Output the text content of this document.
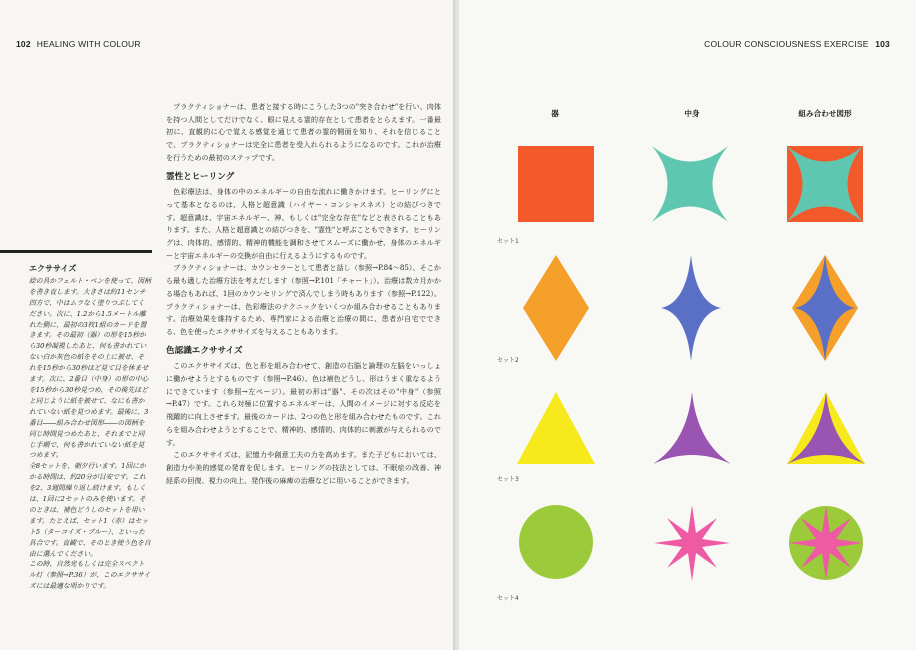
102 HEALING WITH COLOUR
エクササイズ

絵の具かフェルト・ペンを使って、図柄を書き直します。大きさは約11センチ四方で、中はムラなく塗りつぶしてください。次に、1.2から1.5メートル離れた側に、最初の3枚1組のカードを置きます。その最初（器）の形を15秒から30秒凝視したあと、何も書かれていない白か灰色の紙をその上に被せ、それを15秒から30秒ほど見て目を休ませます。次に、2番目（中身）の形の中心を15秒から30秒見つめ、その後先ほどと同じように紙を被せて、なにも書かれていない紙を見つめます。最後に、3番目――組み合わせ図形――の図柄を同じ時間見つめたあと、それまでと同じ手順で、何も書かれていない紙を見つめます。

全8セットを、朝夕行います。1回にかかる時間は、約20分が目安です。これを2、3週間繰り返し続けます。もしくは、1回に2セットのみを使います。そのときは、補色どうしのセットを用います。たとえば、セット1（赤）はセット5（ターコイズ・ブルー）、といった具合です。直観で、そのとき使う色を自由に選んでください。

この時、自然光もしくは完全スペクトル灯（参照→P.36）が、このエクササイズには最適な明かりです。

プラクティショナーは、患者と接する時にこうした3つの"突き合わせ"を行い、肉体を持つ人間としてだけでなく、眼に見える霊的存在として患者をとらえます。一番最初に、直観的に心で覚える感覚を通じて患者の霊的側面を知り、それを信じることで、プラクティショナーは完全に患者を受入れられるようになるのです。これが治療を行うための最初のステップです。

霊性とヒーリング

色彩療法は、身体の中のエネルギーの自由な流れに働きかけます。ヒーリングにとって基本となるのは、人格と超意識（ハイヤー・コンシャスネス）との結びつきです。超意識は、宇宙エネルギー、神、もしくは"完全な存在"などと表されることもあります。また、人格と超意識との結びつきを、"霊性"と呼ぶこともできます。ヒーリングは、肉体的、感情的、精神的機能を調和させてスムーズに働かせ、身体のエネルギーと宇宙エネルギーの交換が自由に行えるようにするものです。

プラクティショナーは、カウンセラーとして患者と話し（参照→P.84～85）、そこから最も適した治療方法を考えだします（参照→P.101「チャート」）。治療は数カ月かかる場合もあれば、1回のカウンセリングで済んでしまう時もあります（参照→P.122）。プラクティショナーは、色彩療法のテクニックをいくつか組み合わせることもあります。治療効果を維持するため、専門家による治療と治療の間に、患者が自宅でできる、色を使ったエクササイズを与えることもあります。

色認識エクササイズ

このエクササイズは、色と形を組み合わせて、創造の右脳と論理の左脳をいっしょに働かせようとするものです（参照→P.46）。色は補色どうし、形はうまく重なるようにできています（参照→左ページ）。最初の形は"器"、その次はその"中身"（参照→P.47）です。これら対極に位置するエネルギーは、人間のイメージに対する反応を飛躍的に向上させます。最後のカードは、2つの色と形を組み合わせたものです。これらを組み合わせようとすることで、精神的、感情的、肉体的に刺激が与えられるのです。

このエクササイズは、記憶力や創意工夫の力を高めます。また子どもにおいては、創造力や美的感覚の発育を促します。ヒーリングの技法としては、不眠症の改善、神経系の回復、視力の向上、発作後の麻痺の治療などに用いることができます。

COLOUR CONSCIOUSNESS EXERCISE 103
器	中身	組み合わせ図形
セット1
セット2
セット3
セット4
